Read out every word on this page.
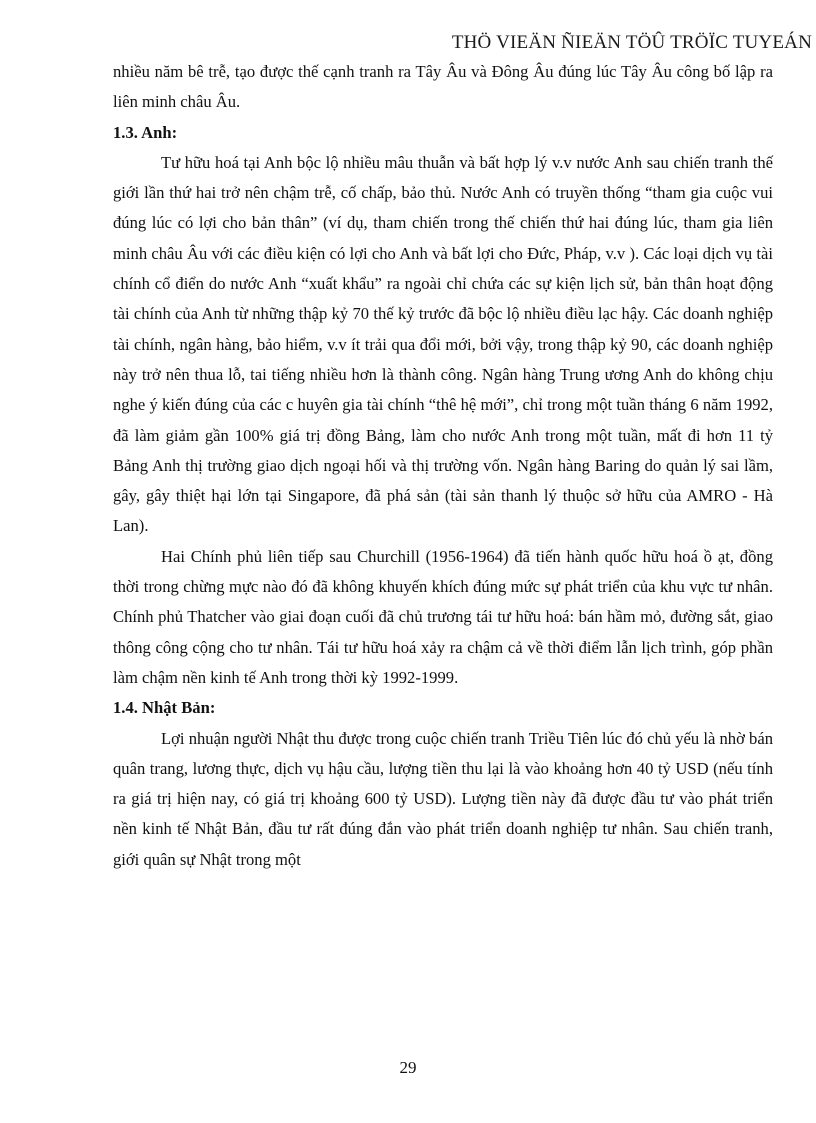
THÖ VIEÄN ÑIEÄN TÖÛ TRÖÏC TUYEÁN

nhiều năm bê trễ, tạo được thế cạnh tranh ra Tây Âu và Đông Âu đúng lúc Tây Âu công bố lập ra liên minh châu Âu.

1.3. Anh:

Tư hữu hoá tại Anh bộc lộ nhiều mâu thuẫn và bất hợp lý v.v nước Anh sau chiến tranh thế giới lần thứ hai trở nên chậm trễ, cố chấp, bảo thủ. Nước Anh có truyền thống “tham gia cuộc vui đúng lúc có lợi cho bản thân” (ví dụ, tham chiến trong thế chiến thứ hai đúng lúc, tham gia liên minh châu Âu với các điều kiện có lợi cho Anh và bất lợi cho Đức, Pháp, v.v ). Các loại dịch vụ tài chính cổ điển do nước Anh “xuất khẩu” ra ngoài chỉ chứa các sự kiện lịch sử, bản thân hoạt động tài chính của Anh từ những thập kỷ 70 thế kỷ trước đã bộc lộ nhiều điều lạc hậy. Các doanh nghiệp tài chính, ngân hàng, bảo hiểm, v.v ít trải qua đổi mới, bởi vậy, trong thập kỷ 90, các doanh nghiệp này trở nên thua lỗ, tai tiếng nhiều hơn là thành công. Ngân hàng Trung ương Anh do không chịu nghe ý kiến đúng của các c huyên gia tài chính “thê hệ mới”, chỉ trong một tuần tháng 6 năm 1992, đã làm giảm gần 100% giá trị đồng Bảng, làm cho nước Anh trong một tuần, mất đi hơn 11 tỷ Bảng Anh thị trường giao dịch ngoại hối và thị trường vốn. Ngân hàng Baring do quản lý sai lầm, gây, gây thiệt hại lớn tại Singapore, đã phá sản (tài sản thanh lý thuộc sở hữu của AMRO - Hà Lan).

Hai Chính phủ liên tiếp sau Churchill (1956-1964) đã tiến hành quốc hữu hoá ồ ạt, đồng thời trong chừng mực nào đó đã không khuyến khích đúng mức sự phát triển của khu vực tư nhân. Chính phủ Thatcher vào giai đoạn cuối đã chủ trương tái tư hữu hoá: bán hầm mỏ, đường sắt, giao thông công cộng cho tư nhân. Tái tư hữu hoá xảy ra chậm cả về thời điểm lẫn lịch trình, góp phần làm chậm nền kinh tế Anh trong thời kỳ 1992-1999.

1.4. Nhật Bản:

Lợi nhuận người Nhật thu được trong cuộc chiến tranh Triều Tiên lúc đó chủ yếu là nhờ bán quân trang, lương thực, dịch vụ hậu cầu, lượng tiền thu lại là vào khoảng hơn 40 tỷ USD (nếu tính ra giá trị hiện nay, có giá trị khoảng 600 tỷ USD). Lượng tiền này đã được đầu tư vào phát triển nền kinh tế Nhật Bản, đầu tư rất đúng đắn vào phát triển doanh nghiệp tư nhân. Sau chiến tranh, giới quân sự Nhật trong một

29
